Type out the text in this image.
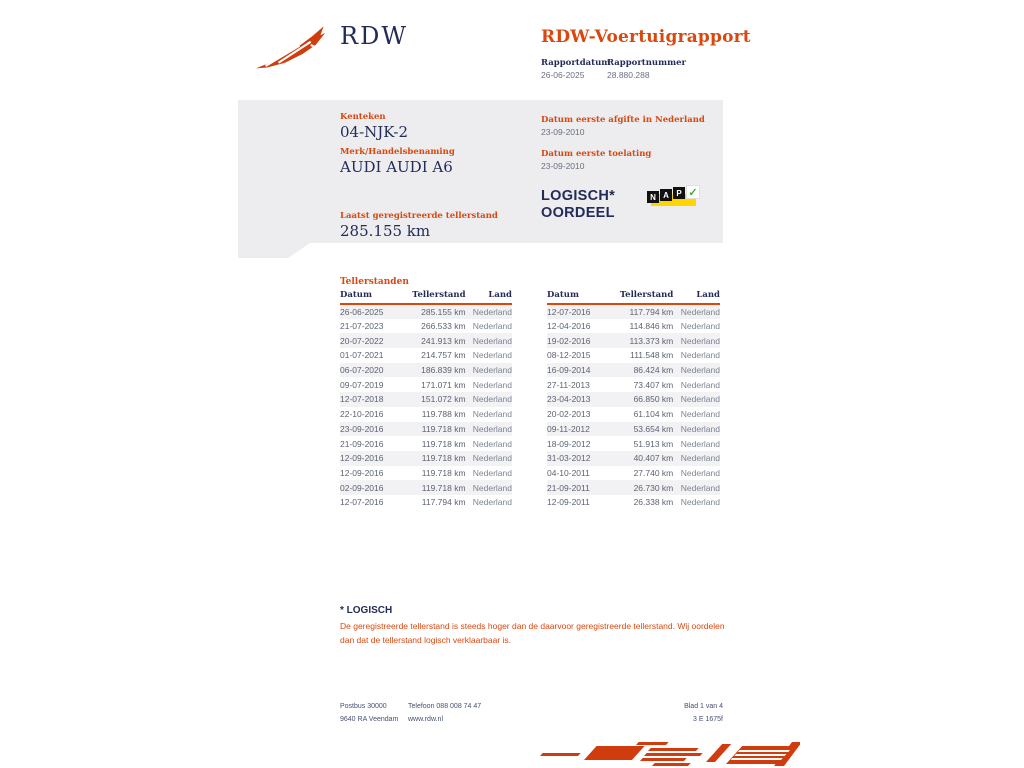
RDW	RDW-Voertuigrapport
Rapportdatum
26-06-2025
Rapportnummer
28.880.288
Kenteken
04-NJK-2
Merk/Handelsbenaming
AUDI AUDI A6
Laatst geregistreerde tellerstand
285.155 km
Datum eerste afgifte in Nederland
23-09-2010
Datum eerste toelating
23-09-2010
LOGISCH*
OORDEEL
N A P ✓
Tellerstanden
Datum	Tellerstand	Land
26-06-2025	285.155 km	Nederland
21-07-2023	266.533 km	Nederland
20-07-2022	241.913 km	Nederland
01-07-2021	214.757 km	Nederland
06-07-2020	186.839 km	Nederland
09-07-2019	171.071 km	Nederland
12-07-2018	151.072 km	Nederland
22-10-2016	119.788 km	Nederland
23-09-2016	119.718 km	Nederland
21-09-2016	119.718 km	Nederland
12-09-2016	119.718 km	Nederland
12-09-2016	119.718 km	Nederland
02-09-2016	119.718 km	Nederland
12-07-2016	117.794 km	Nederland
Datum	Tellerstand	Land
12-07-2016	117.794 km	Nederland
12-04-2016	114.846 km	Nederland
19-02-2016	113.373 km	Nederland
08-12-2015	111.548 km	Nederland
16-09-2014	86.424 km	Nederland
27-11-2013	73.407 km	Nederland
23-04-2013	66.850 km	Nederland
20-02-2013	61.104 km	Nederland
09-11-2012	53.654 km	Nederland
18-09-2012	51.913 km	Nederland
31-03-2012	40.407 km	Nederland
04-10-2011	27.740 km	Nederland
21-09-2011	26.730 km	Nederland
12-09-2011	26.338 km	Nederland
* LOGISCH
De geregistreerde tellerstand is steeds hoger dan de daarvoor geregistreerde tellerstand. Wij oordelen dan dat de tellerstand logisch verklaarbaar is.
Postbus 30000
9640 RA Veendam
Telefoon 088 008 74 47
www.rdw.nl
Blad 1 van 4
3 E 1675f
